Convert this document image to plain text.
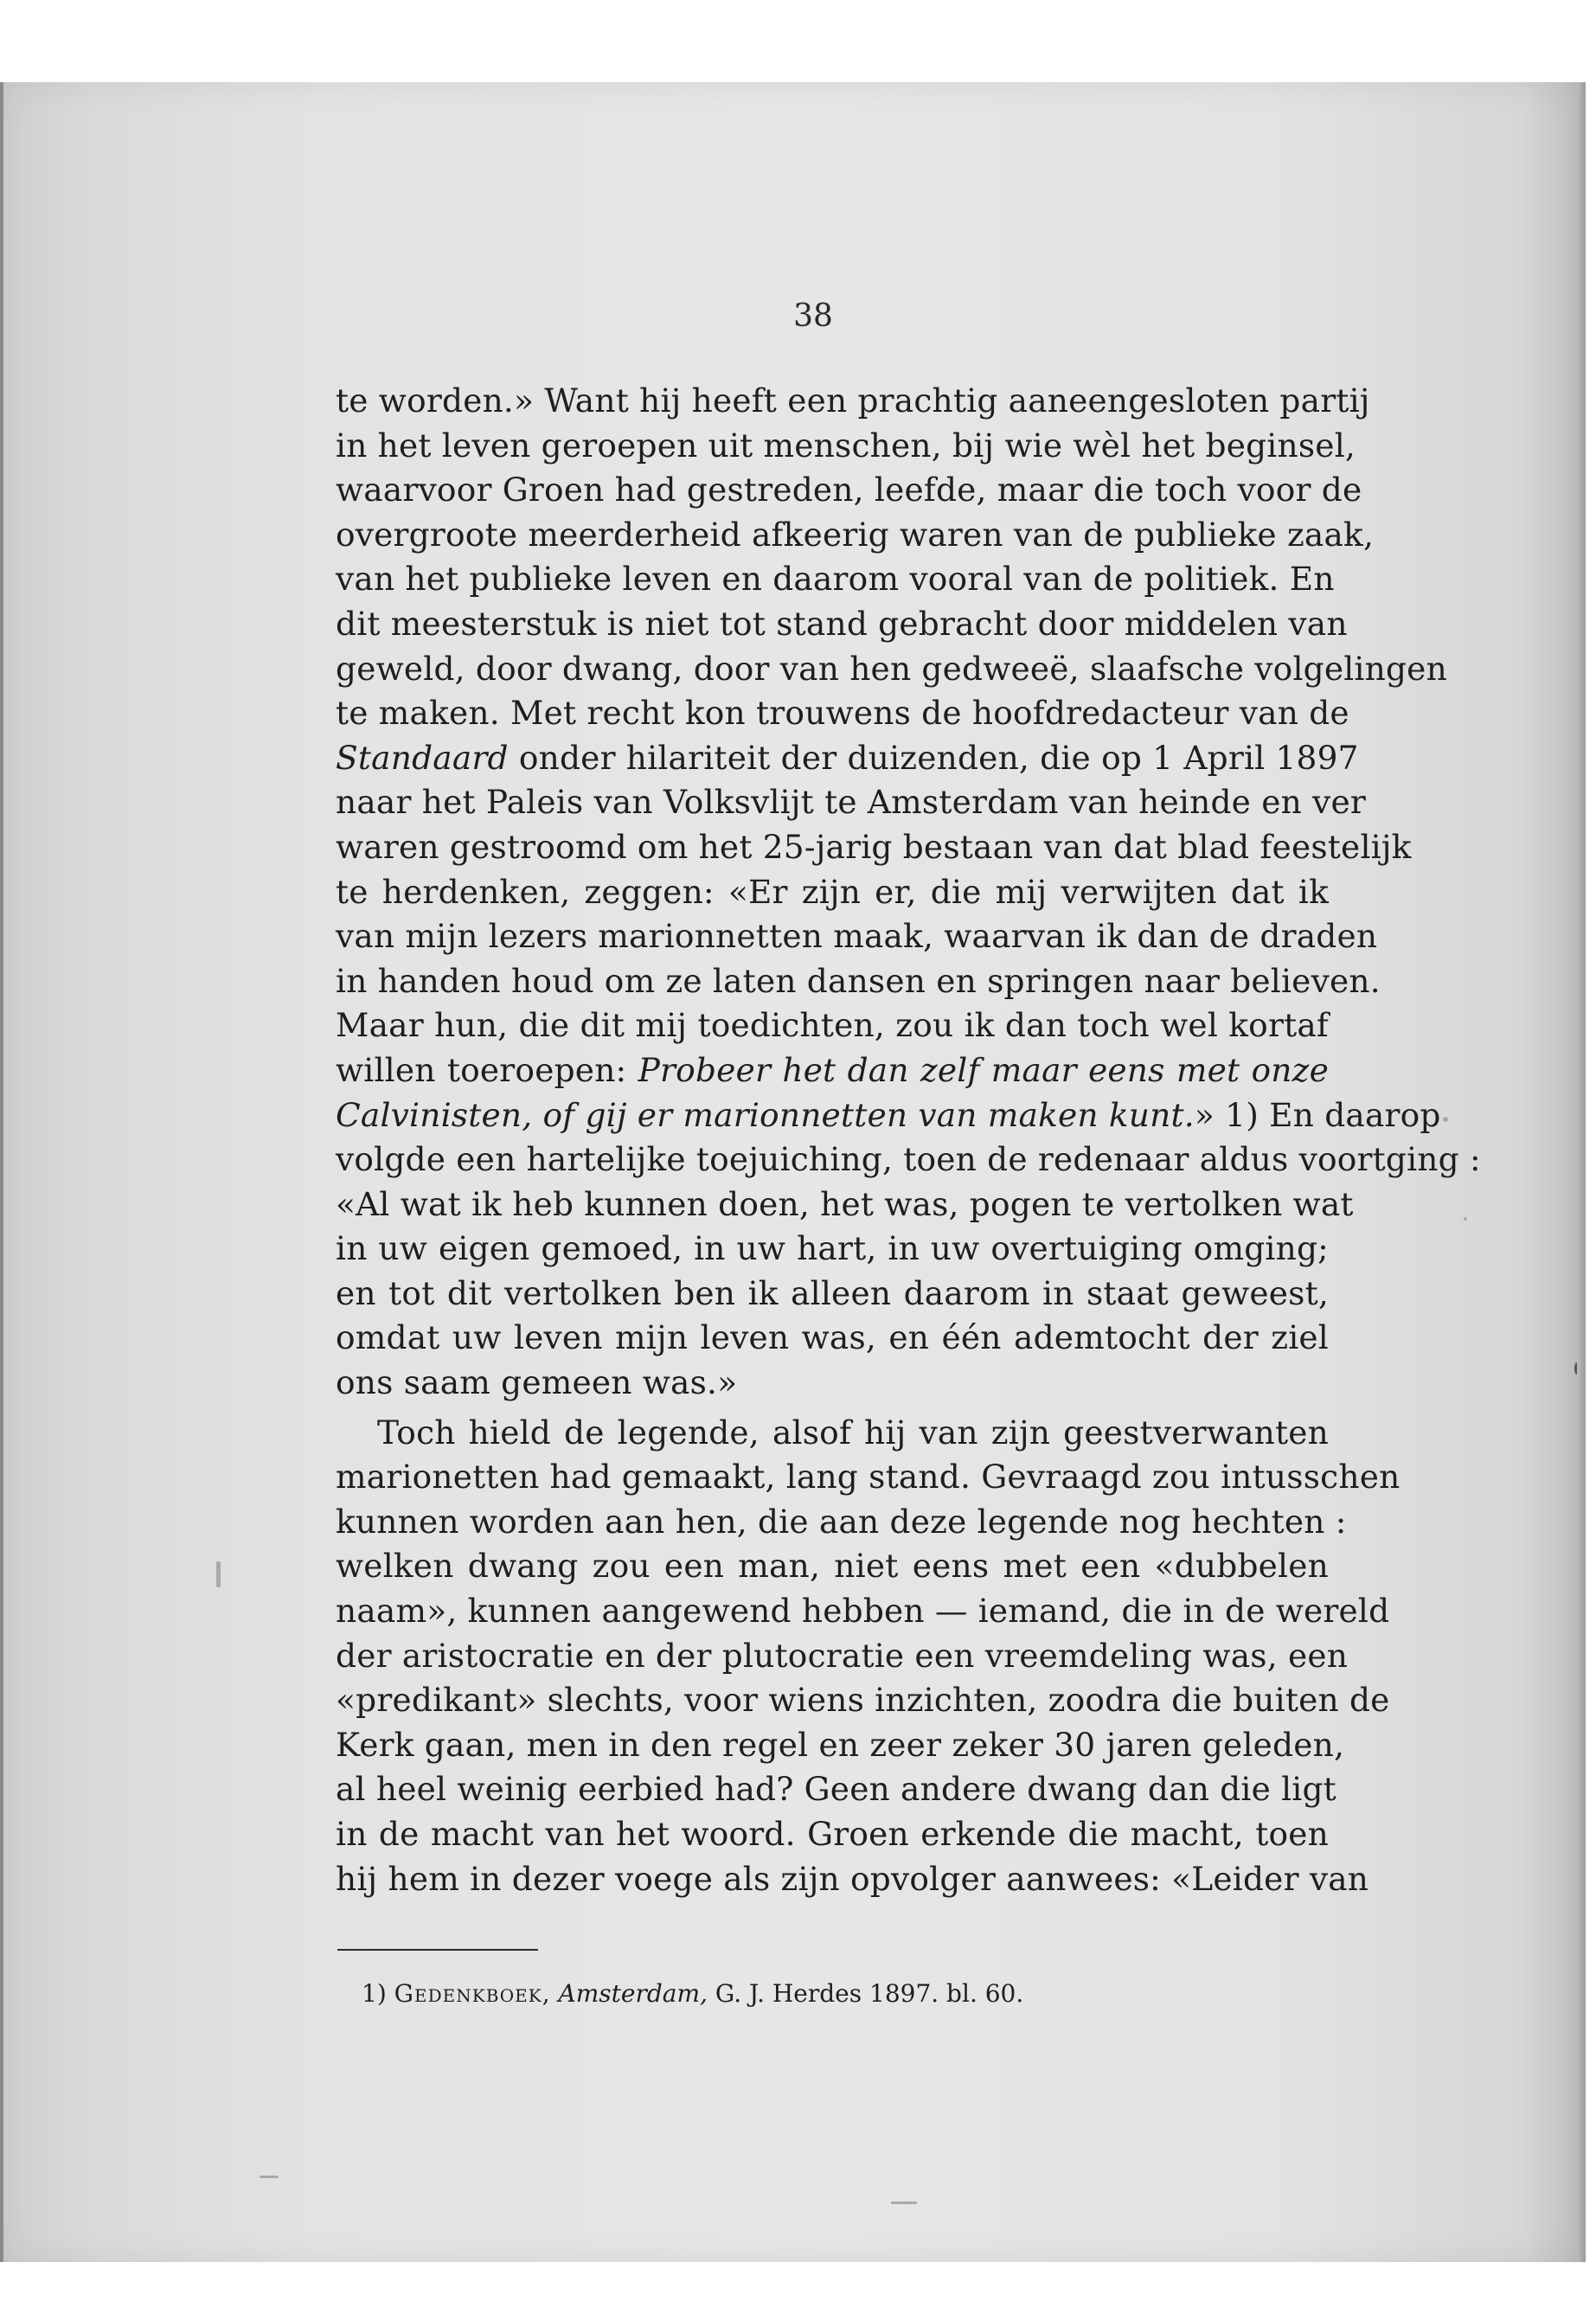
38
te worden.» Want hij heeft een prachtig aaneengesloten partij
in het leven geroepen uit menschen, bij wie wèl het beginsel,
waarvoor Groen had gestreden, leefde, maar die toch voor de
overgroote meerderheid afkeerig waren van de publieke zaak,
van het publieke leven en daarom vooral van de politiek. En
dit meesterstuk is niet tot stand gebracht door middelen van
geweld, door dwang, door van hen gedweeë, slaafsche volgelingen
te maken. Met recht kon trouwens de hoofdredacteur van de
Standaard onder hilariteit der duizenden, die op 1 April 1897
naar het Paleis van Volksvlijt te Amsterdam van heinde en ver
waren gestroomd om het 25-jarig bestaan van dat blad feestelijk
te herdenken, zeggen: «Er zijn er, die mij verwijten dat ik
van mijn lezers marionnetten maak, waarvan ik dan de draden
in handen houd om ze laten dansen en springen naar believen.
Maar hun, die dit mij toedichten, zou ik dan toch wel kortaf
willen toeroepen: Probeer het dan zelf maar eens met onze
Calvinisten, of gij er marionnetten van maken kunt.» 1) En daarop
volgde een hartelijke toejuiching, toen de redenaar aldus voortging :
«Al wat ik heb kunnen doen, het was, pogen te vertolken wat
in uw eigen gemoed, in uw hart, in uw overtuiging omging;
en tot dit vertolken ben ik alleen daarom in staat geweest,
omdat uw leven mijn leven was, en één ademtocht der ziel
ons saam gemeen was.»
Toch hield de legende, alsof hij van zijn geestverwanten
marionetten had gemaakt, lang stand. Gevraagd zou intusschen
kunnen worden aan hen, die aan deze legende nog hechten :
welken dwang zou een man, niet eens met een «dubbelen
naam», kunnen aangewend hebben — iemand, die in de wereld
der aristocratie en der plutocratie een vreemdeling was, een
«predikant» slechts, voor wiens inzichten, zoodra die buiten de
Kerk gaan, men in den regel en zeer zeker 30 jaren geleden,
al heel weinig eerbied had? Geen andere dwang dan die ligt
in de macht van het woord. Groen erkende die macht, toen
hij hem in dezer voege als zijn opvolger aanwees: «Leider van
1) Gedenkboek, Amsterdam, G. J. Herdes 1897. bl. 60.
